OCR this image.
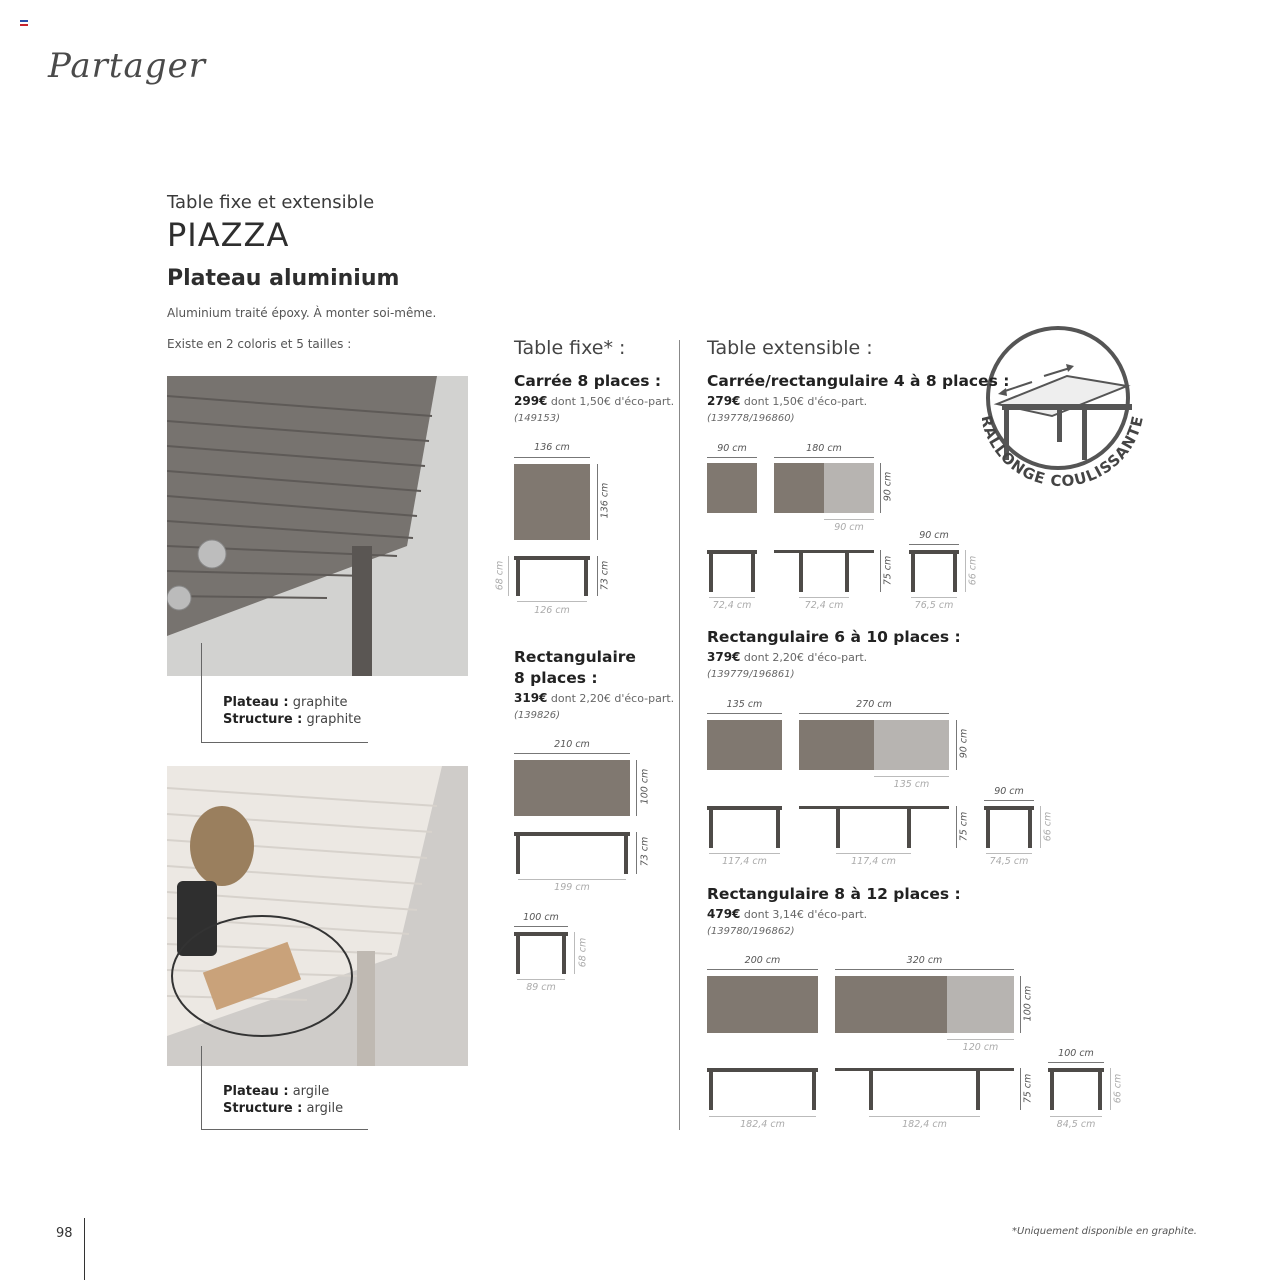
Partager
Table fixe et extensible
PIAZZA
Plateau aluminium
Aluminium traité époxy. À monter soi-même.
Existe en 2 coloris et 5 tailles :
Plateau : graphite
Structure : graphite
Plateau : argile
Structure : argile
Table fixe* :
Carrée 8 places :
299€ dont 1,50€ d'éco-part.
(149153)
136 cm
136 cm
68 cm	73 cm
126 cm
Rectangulaire
8 places :
319€ dont 2,20€ d'éco-part.
(139826)
210 cm
100 cm
73 cm
199 cm
100 cm
68 cm
89 cm
Table extensible :
ALLONGE COULISSANTE
Carrée/rectangulaire 4 à 8 places :
279€ dont 1,50€ d'éco-part.
(139778/196860)
90 cm	180 cm
90 cm
90 cm
72,4 cm	72,4 cm
75 cm
90 cm
66 cm
76,5 cm
Rectangulaire 6 à 10 places :
379€ dont 2,20€ d'éco-part.
(139779/196861)
135 cm	270 cm
90 cm
135 cm
117,4 cm	117,4 cm
75 cm
90 cm
66 cm
74,5 cm
Rectangulaire 8 à 12 places :
479€ dont 3,14€ d'éco-part.
(139780/196862)
200 cm	320 cm
100 cm
120 cm
182,4 cm	182,4 cm
75 cm
100 cm
66 cm
84,5 cm
98	*Uniquement disponible en graphite.
